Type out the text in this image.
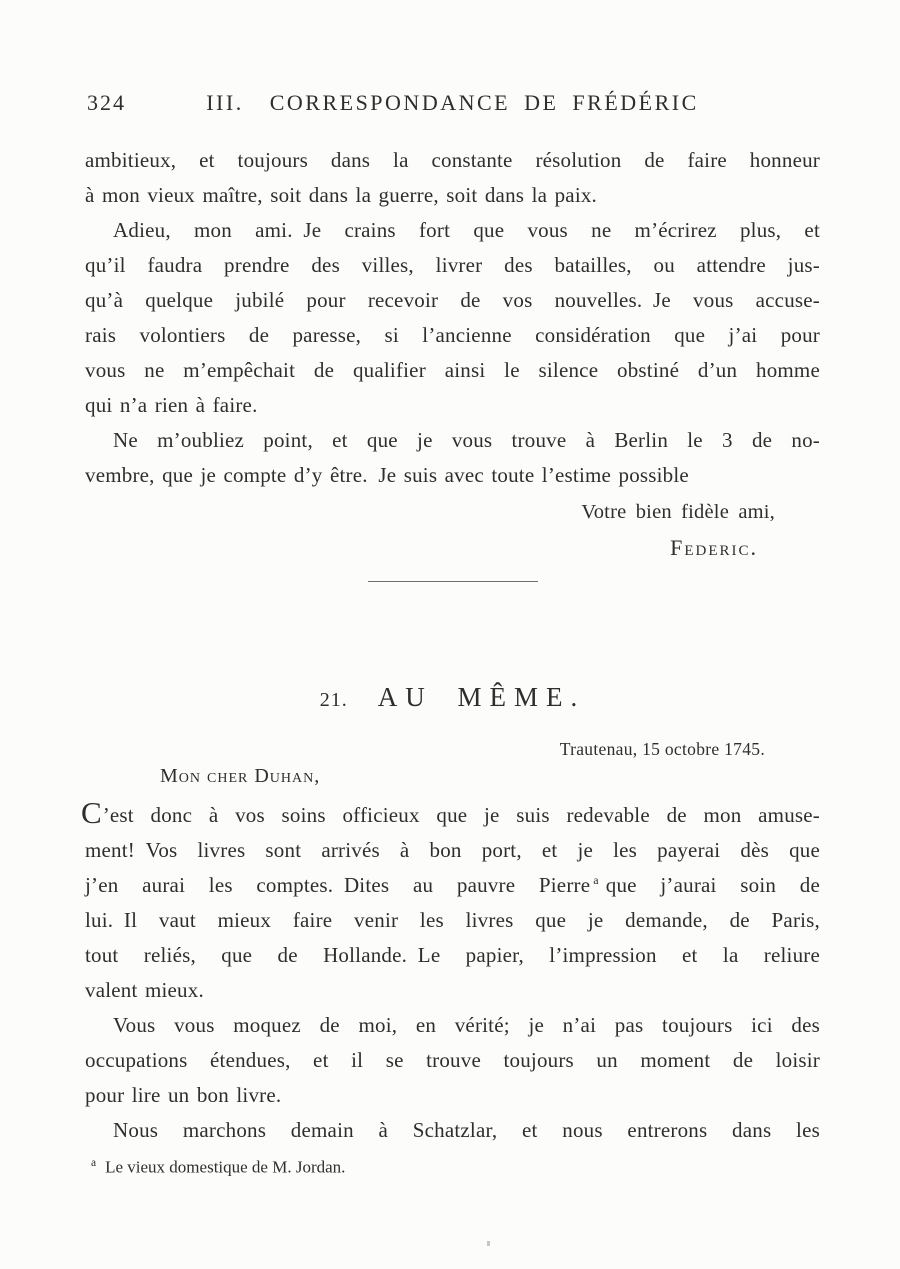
324	III. CORRESPONDANCE DE FRÉDÉRIC
ambitieux, et toujours dans la constante résolution de faire honneur
à mon vieux maître, soit dans la guerre, soit dans la paix.
Adieu, mon ami. Je crains fort que vous ne m’écrirez plus, et
qu’il faudra prendre des villes, livrer des batailles, ou attendre jus-
qu’à quelque jubilé pour recevoir de vos nouvelles. Je vous accuse-
rais volontiers de paresse, si l’ancienne considération que j’ai pour
vous ne m’empêchait de qualifier ainsi le silence obstiné d’un homme
qui n’a rien à faire.
Ne m’oubliez point, et que je vous trouve à Berlin le 3 de no-
vembre, que je compte d’y être. Je suis avec toute l’estime possible
Votre bien fidèle ami,
Federic.
21. AU MÊME.
Trautenau, 15 octobre 1745.
Mon cher Duhan,
C’est donc à vos soins officieux que je suis redevable de mon amuse-
ment! Vos livres sont arrivés à bon port, et je les payerai dès que
j’en aurai les comptes. Dites au pauvre Pierre $^a$ que j’aurai soin de
lui. Il vaut mieux faire venir les livres que je demande, de Paris,
tout reliés, que de Hollande. Le papier, l’impression et la reliure
valent mieux.
Vous vous moquez de moi, en vérité; je n’ai pas toujours ici des
occupations étendues, et il se trouve toujours un moment de loisir
pour lire un bon livre.
Nous marchons demain à Schatzlar, et nous entrerons dans les
$^a$ Le vieux domestique de M. Jordan.
